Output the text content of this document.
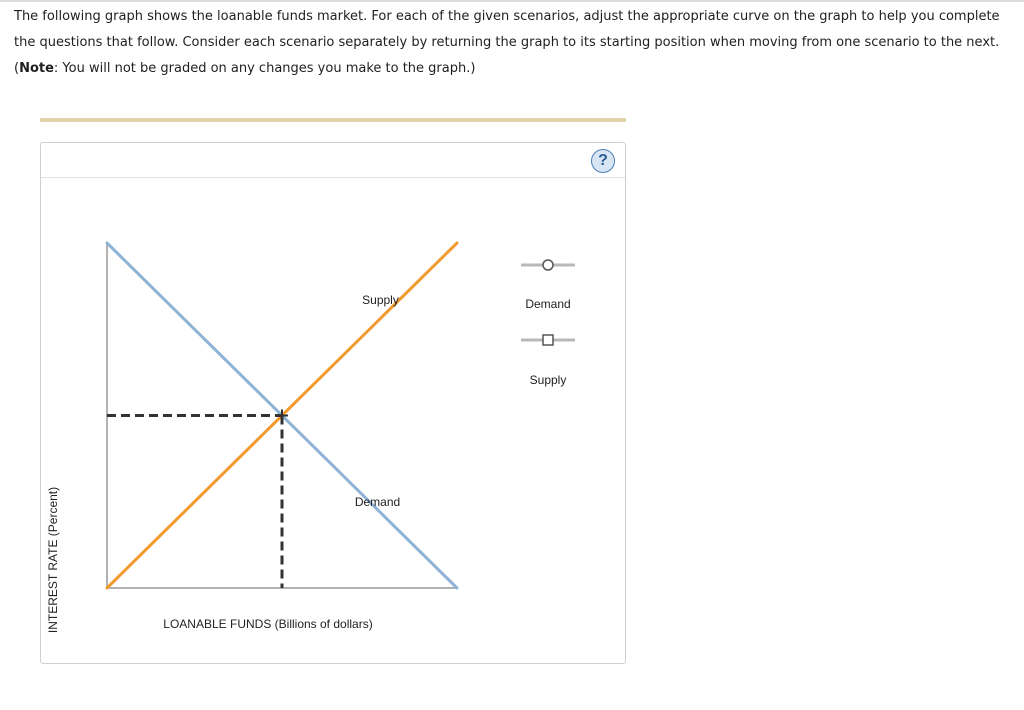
The following graph shows the loanable funds market. For each of the given scenarios, adjust the appropriate curve on the graph to help you complete
the questions that follow. Consider each scenario separately by returning the graph to its starting position when moving from one scenario to the next.
(Note: You will not be graded on any changes you make to the graph.)
?
INTEREST RATE (Percent)
Supply
Demand
LOANABLE FUNDS (Billions of dollars)
Demand
Supply
